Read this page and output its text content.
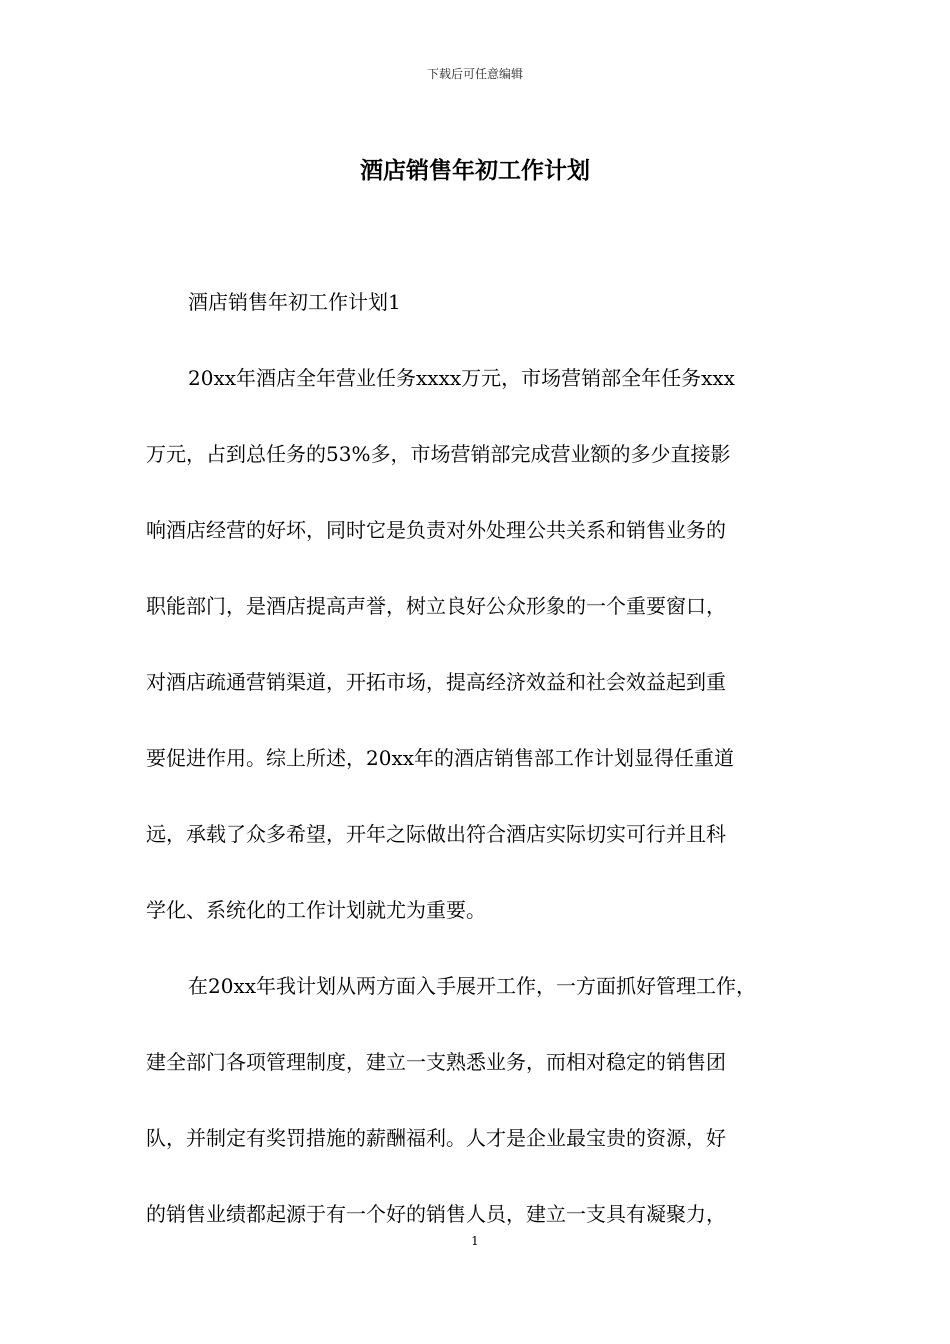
下载后可任意编辑
酒店销售年初工作计划
酒店销售年初工作计划1
20xx年酒店全年营业任务xxxx万元，市场营销部全年任务xxx
万元，占到总任务的53%多，市场营销部完成营业额的多少直接影
响酒店经营的好坏，同时它是负责对外处理公共关系和销售业务的
职能部门，是酒店提高声誉，树立良好公众形象的一个重要窗口，
对酒店疏通营销渠道，开拓市场，提高经济效益和社会效益起到重
要促进作用。综上所述，20xx年的酒店销售部工作计划显得任重道
远，承载了众多希望，开年之际做出符合酒店实际切实可行并且科
学化、系统化的工作计划就尤为重要。
在20xx年我计划从两方面入手展开工作，一方面抓好管理工作，
建全部门各项管理制度，建立一支熟悉业务，而相对稳定的销售团
队，并制定有奖罚措施的薪酬福利。人才是企业最宝贵的资源，好
的销售业绩都起源于有一个好的销售人员，建立一支具有凝聚力，
1
